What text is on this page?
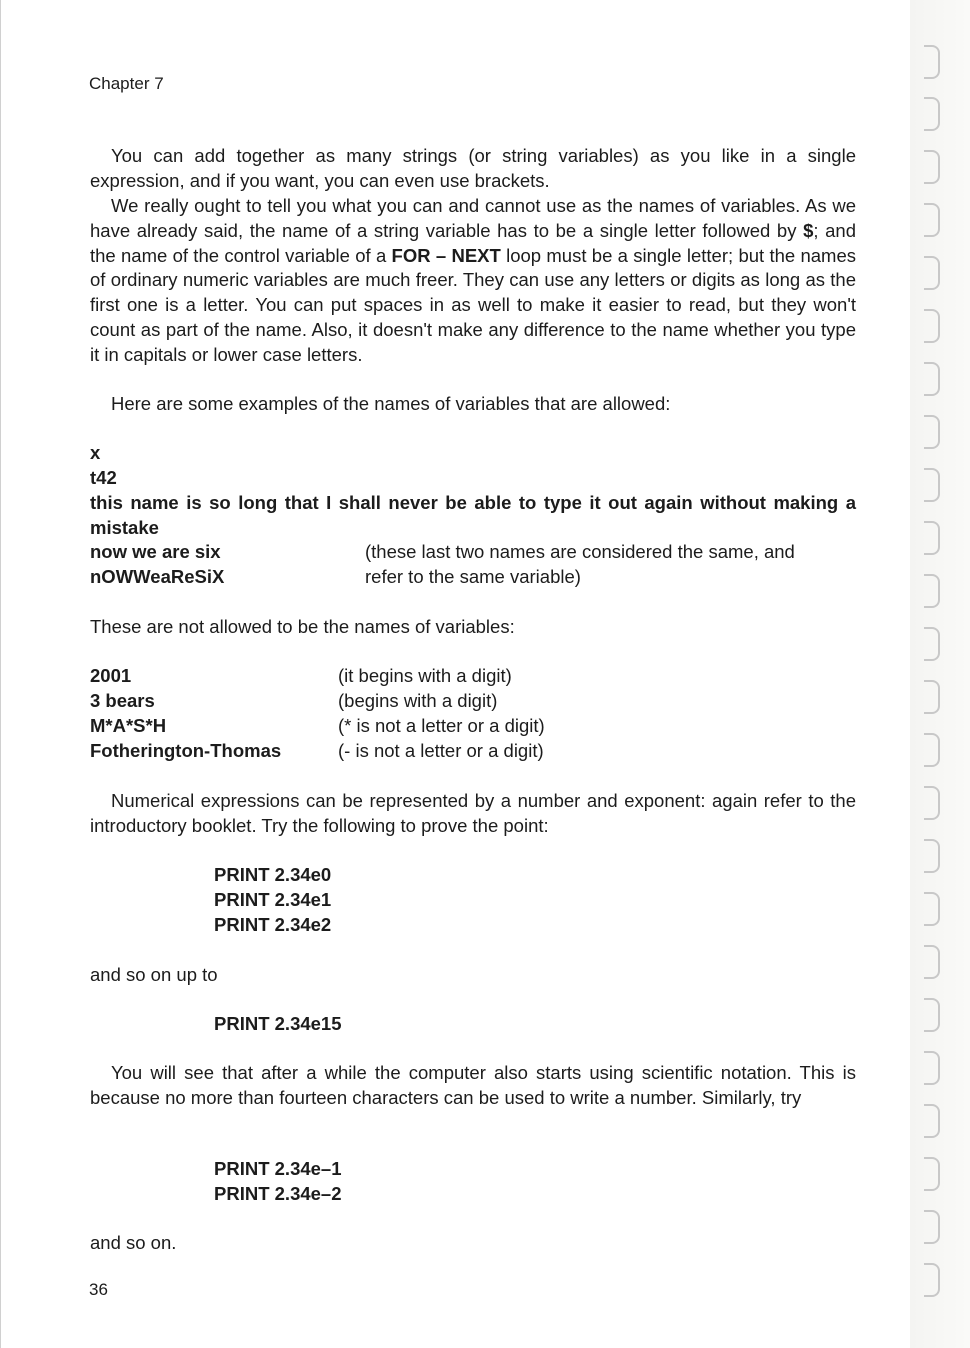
Chapter 7

You can add together as many strings (or string variables) as you like in a single expression, and if you want, you can even use brackets.

We really ought to tell you what you can and cannot use as the names of variables. As we have already said, the name of a string variable has to be a single letter followed by $; and the name of the control variable of a FOR – NEXT loop must be a single letter; but the names of ordinary numeric variables are much freer. They can use any letters or digits as long as the first one is a letter. You can put spaces in as well to make it easier to read, but they won't count as part of the name. Also, it doesn't make any difference to the name whether you type it in capitals or lower case letters.

Here are some examples of the names of variables that are allowed:

x
t42

this name is so long that I shall never be able to type it out again without making a mistake

now we are six	(these last two names are considered the same, and
nOWWeaReSiX	refer to the same variable)
These are not allowed to be the names of variables:
2001	(it begins with a digit)
3 bears	(begins with a digit)
M*A*S*H	(* is not a letter or a digit)
Fotherington-Thomas	(- is not a letter or a digit)

Numerical expressions can be represented by a number and exponent: again refer to the introductory booklet. Try the following to prove the point:

PRINT 2.34e0
PRINT 2.34e1
PRINT 2.34e2
and so on up to
PRINT 2.34e15

You will see that after a while the computer also starts using scientific notation. This is because no more than fourteen characters can be used to write a number. Similarly, try

PRINT 2.34e–1
PRINT 2.34e–2
and so on.
36
